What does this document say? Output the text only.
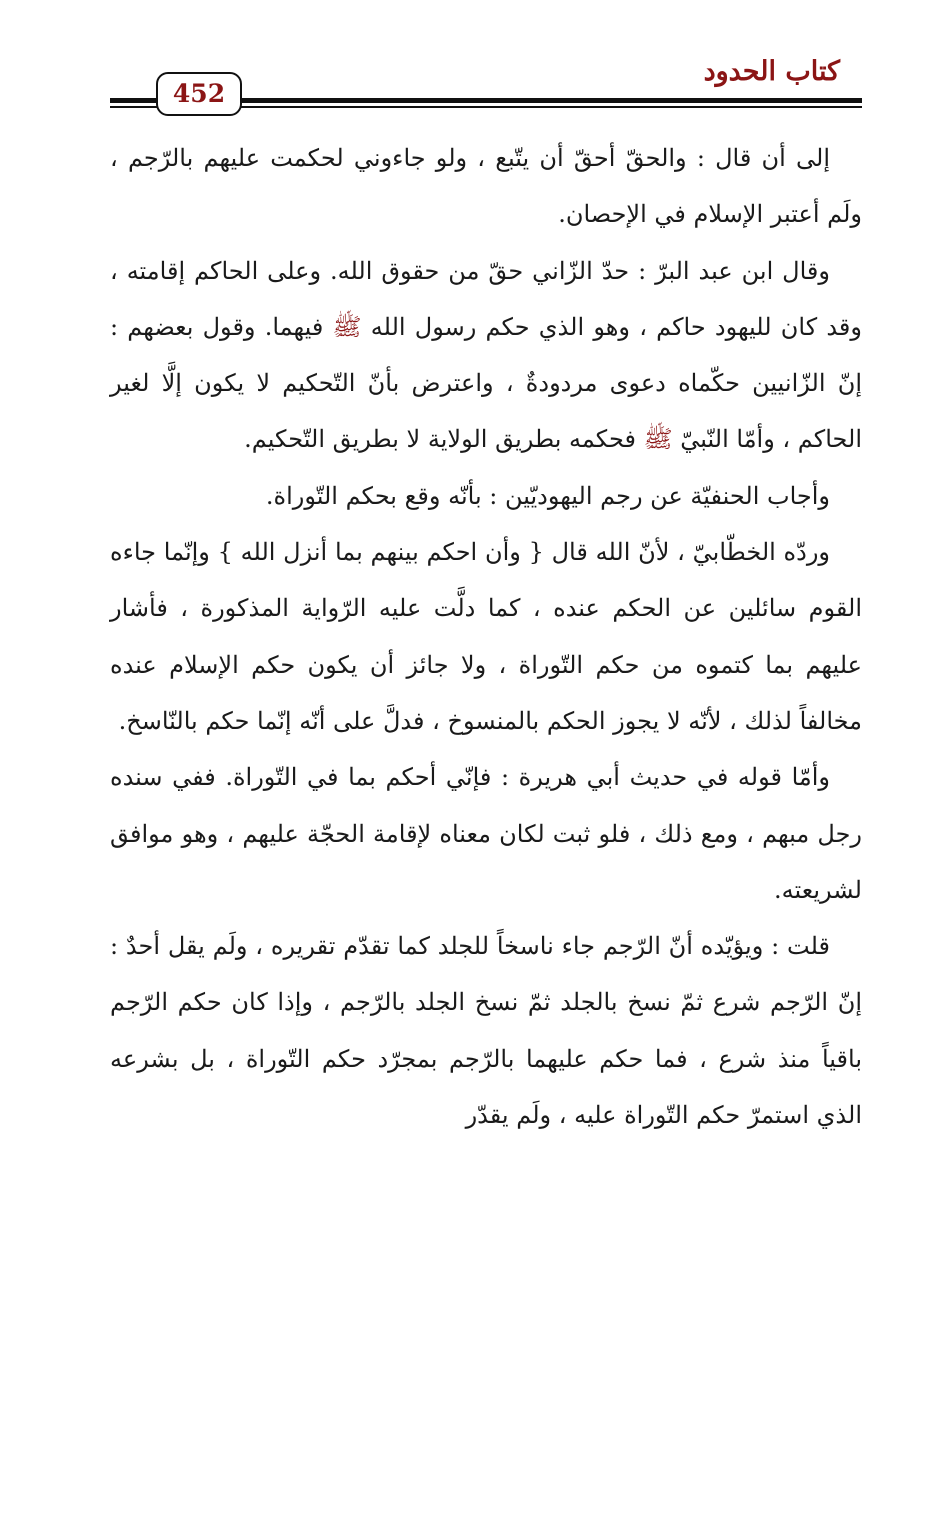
كتاب الحدود
452

إلى أن قال : والحقّ أحقّ أن يتّبع ، ولو جاءوني لحكمت عليهم بالرّجم ، ولَم أعتبر الإسلام في الإحصان.

وقال ابن عبد البرّ : حدّ الزّاني حقّ من حقوق الله. وعلى الحاكم إقامته ، وقد كان لليهود حاكم ، وهو الذي حكم رسول الله ﷺ فيهما. وقول بعضهم : إنّ الزّانيين حكّماه دعوى مردودةٌ ، واعترض بأنّ التّحكيم لا يكون إلَّا لغير الحاكم ، وأمّا النّبيّ ﷺ فحكمه بطريق الولاية لا بطريق التّحكيم.

وأجاب الحنفيّة عن رجم اليهوديّين : بأنّه وقع بحكم التّوراة.

وردّه الخطّابيّ ، لأنّ الله قال { وأن احكم بينهم بما أنزل الله } وإنّما جاءه القوم سائلين عن الحكم عنده ، كما دلَّت عليه الرّواية المذكورة ، فأشار عليهم بما كتموه من حكم التّوراة ، ولا جائز أن يكون حكم الإسلام عنده مخالفاً لذلك ، لأنّه لا يجوز الحكم بالمنسوخ ، فدلَّ على أنّه إنّما حكم بالنّاسخ.

وأمّا قوله في حديث أبي هريرة : فإنّي أحكم بما في التّوراة. ففي سنده رجل مبهم ، ومع ذلك ، فلو ثبت لكان معناه لإقامة الحجّة عليهم ، وهو موافق لشريعته.

قلت : ويؤيّده أنّ الرّجم جاء ناسخاً للجلد كما تقدّم تقريره ، ولَم يقل أحدٌ : إنّ الرّجم شرع ثمّ نسخ بالجلد ثمّ نسخ الجلد بالرّجم ، وإذا كان حكم الرّجم باقياً منذ شرع ، فما حكم عليهما بالرّجم بمجرّد حكم التّوراة ، بل بشرعه الذي استمرّ حكم التّوراة عليه ، ولَم يقدّر
